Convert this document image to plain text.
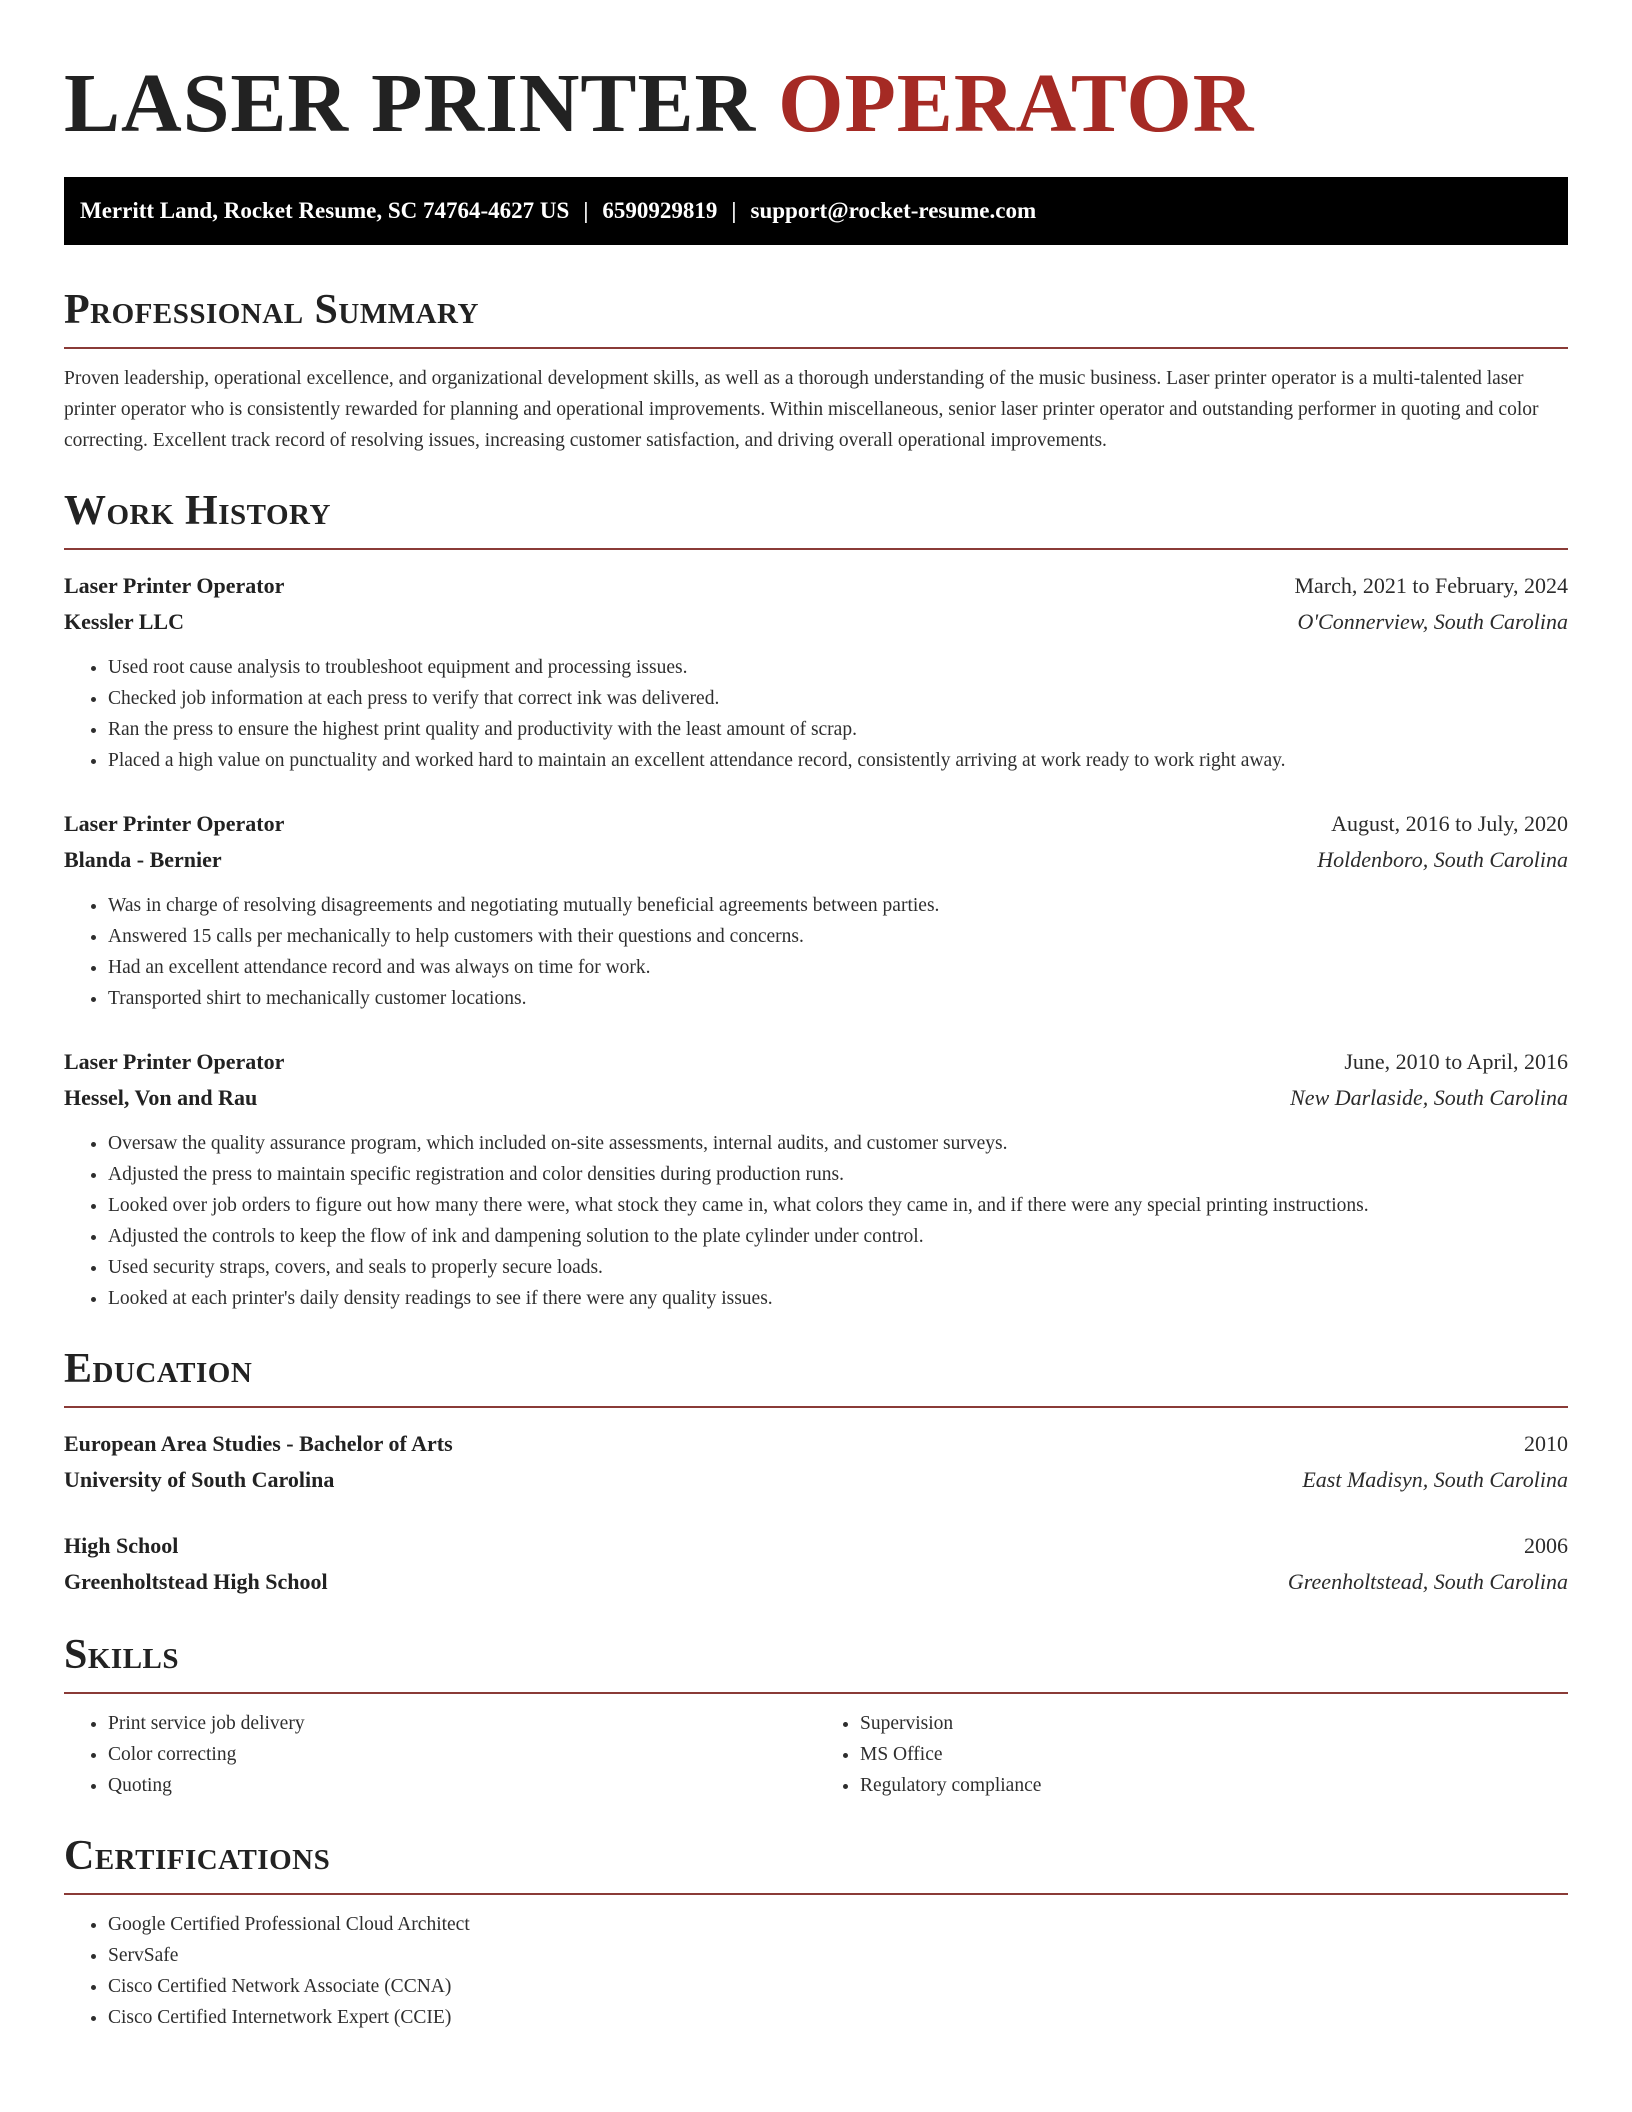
LASER PRINTER OPERATOR
Merritt Land, Rocket Resume, SC 74764-4627 US | 6590929819 | support@rocket-resume.com
Professional Summary

Proven leadership, operational excellence, and organizational development skills, as well as a thorough understanding of the music business. Laser printer operator is a multi-talented laser printer operator who is consistently rewarded for planning and operational improvements. Within miscellaneous, senior laser printer operator and outstanding performer in quoting and color correcting. Excellent track record of resolving issues, increasing customer satisfaction, and driving overall operational improvements.

Work History
Laser Printer Operator	March, 2021 to February, 2024
Kessler LLC	O'Connerview, South Carolina
• Used root cause analysis to troubleshoot equipment and processing issues.
• Checked job information at each press to verify that correct ink was delivered.
• Ran the press to ensure the highest print quality and productivity with the least amount of scrap.
• Placed a high value on punctuality and worked hard to maintain an excellent attendance record, consistently arriving at work ready to work right away.
Laser Printer Operator	August, 2016 to July, 2020
Blanda - Bernier	Holdenboro, South Carolina
• Was in charge of resolving disagreements and negotiating mutually beneficial agreements between parties.
• Answered 15 calls per mechanically to help customers with their questions and concerns.
• Had an excellent attendance record and was always on time for work.
• Transported shirt to mechanically customer locations.
Laser Printer Operator	June, 2010 to April, 2016
Hessel, Von and Rau	New Darlaside, South Carolina
• Oversaw the quality assurance program, which included on-site assessments, internal audits, and customer surveys.
• Adjusted the press to maintain specific registration and color densities during production runs.
• Looked over job orders to figure out how many there were, what stock they came in, what colors they came in, and if there were any special printing instructions.
• Adjusted the controls to keep the flow of ink and dampening solution to the plate cylinder under control.
• Used security straps, covers, and seals to properly secure loads.
• Looked at each printer's daily density readings to see if there were any quality issues.
Education
European Area Studies - Bachelor of Arts	2010
University of South Carolina	East Madisyn, South Carolina
High School	2006
Greenholtstead High School	Greenholtstead, South Carolina
Skills
• Print service job delivery
• Color correcting
• Quoting
• Supervision
• MS Office
• Regulatory compliance
Certifications
• Google Certified Professional Cloud Architect
• ServSafe
• Cisco Certified Network Associate (CCNA)
• Cisco Certified Internetwork Expert (CCIE)
